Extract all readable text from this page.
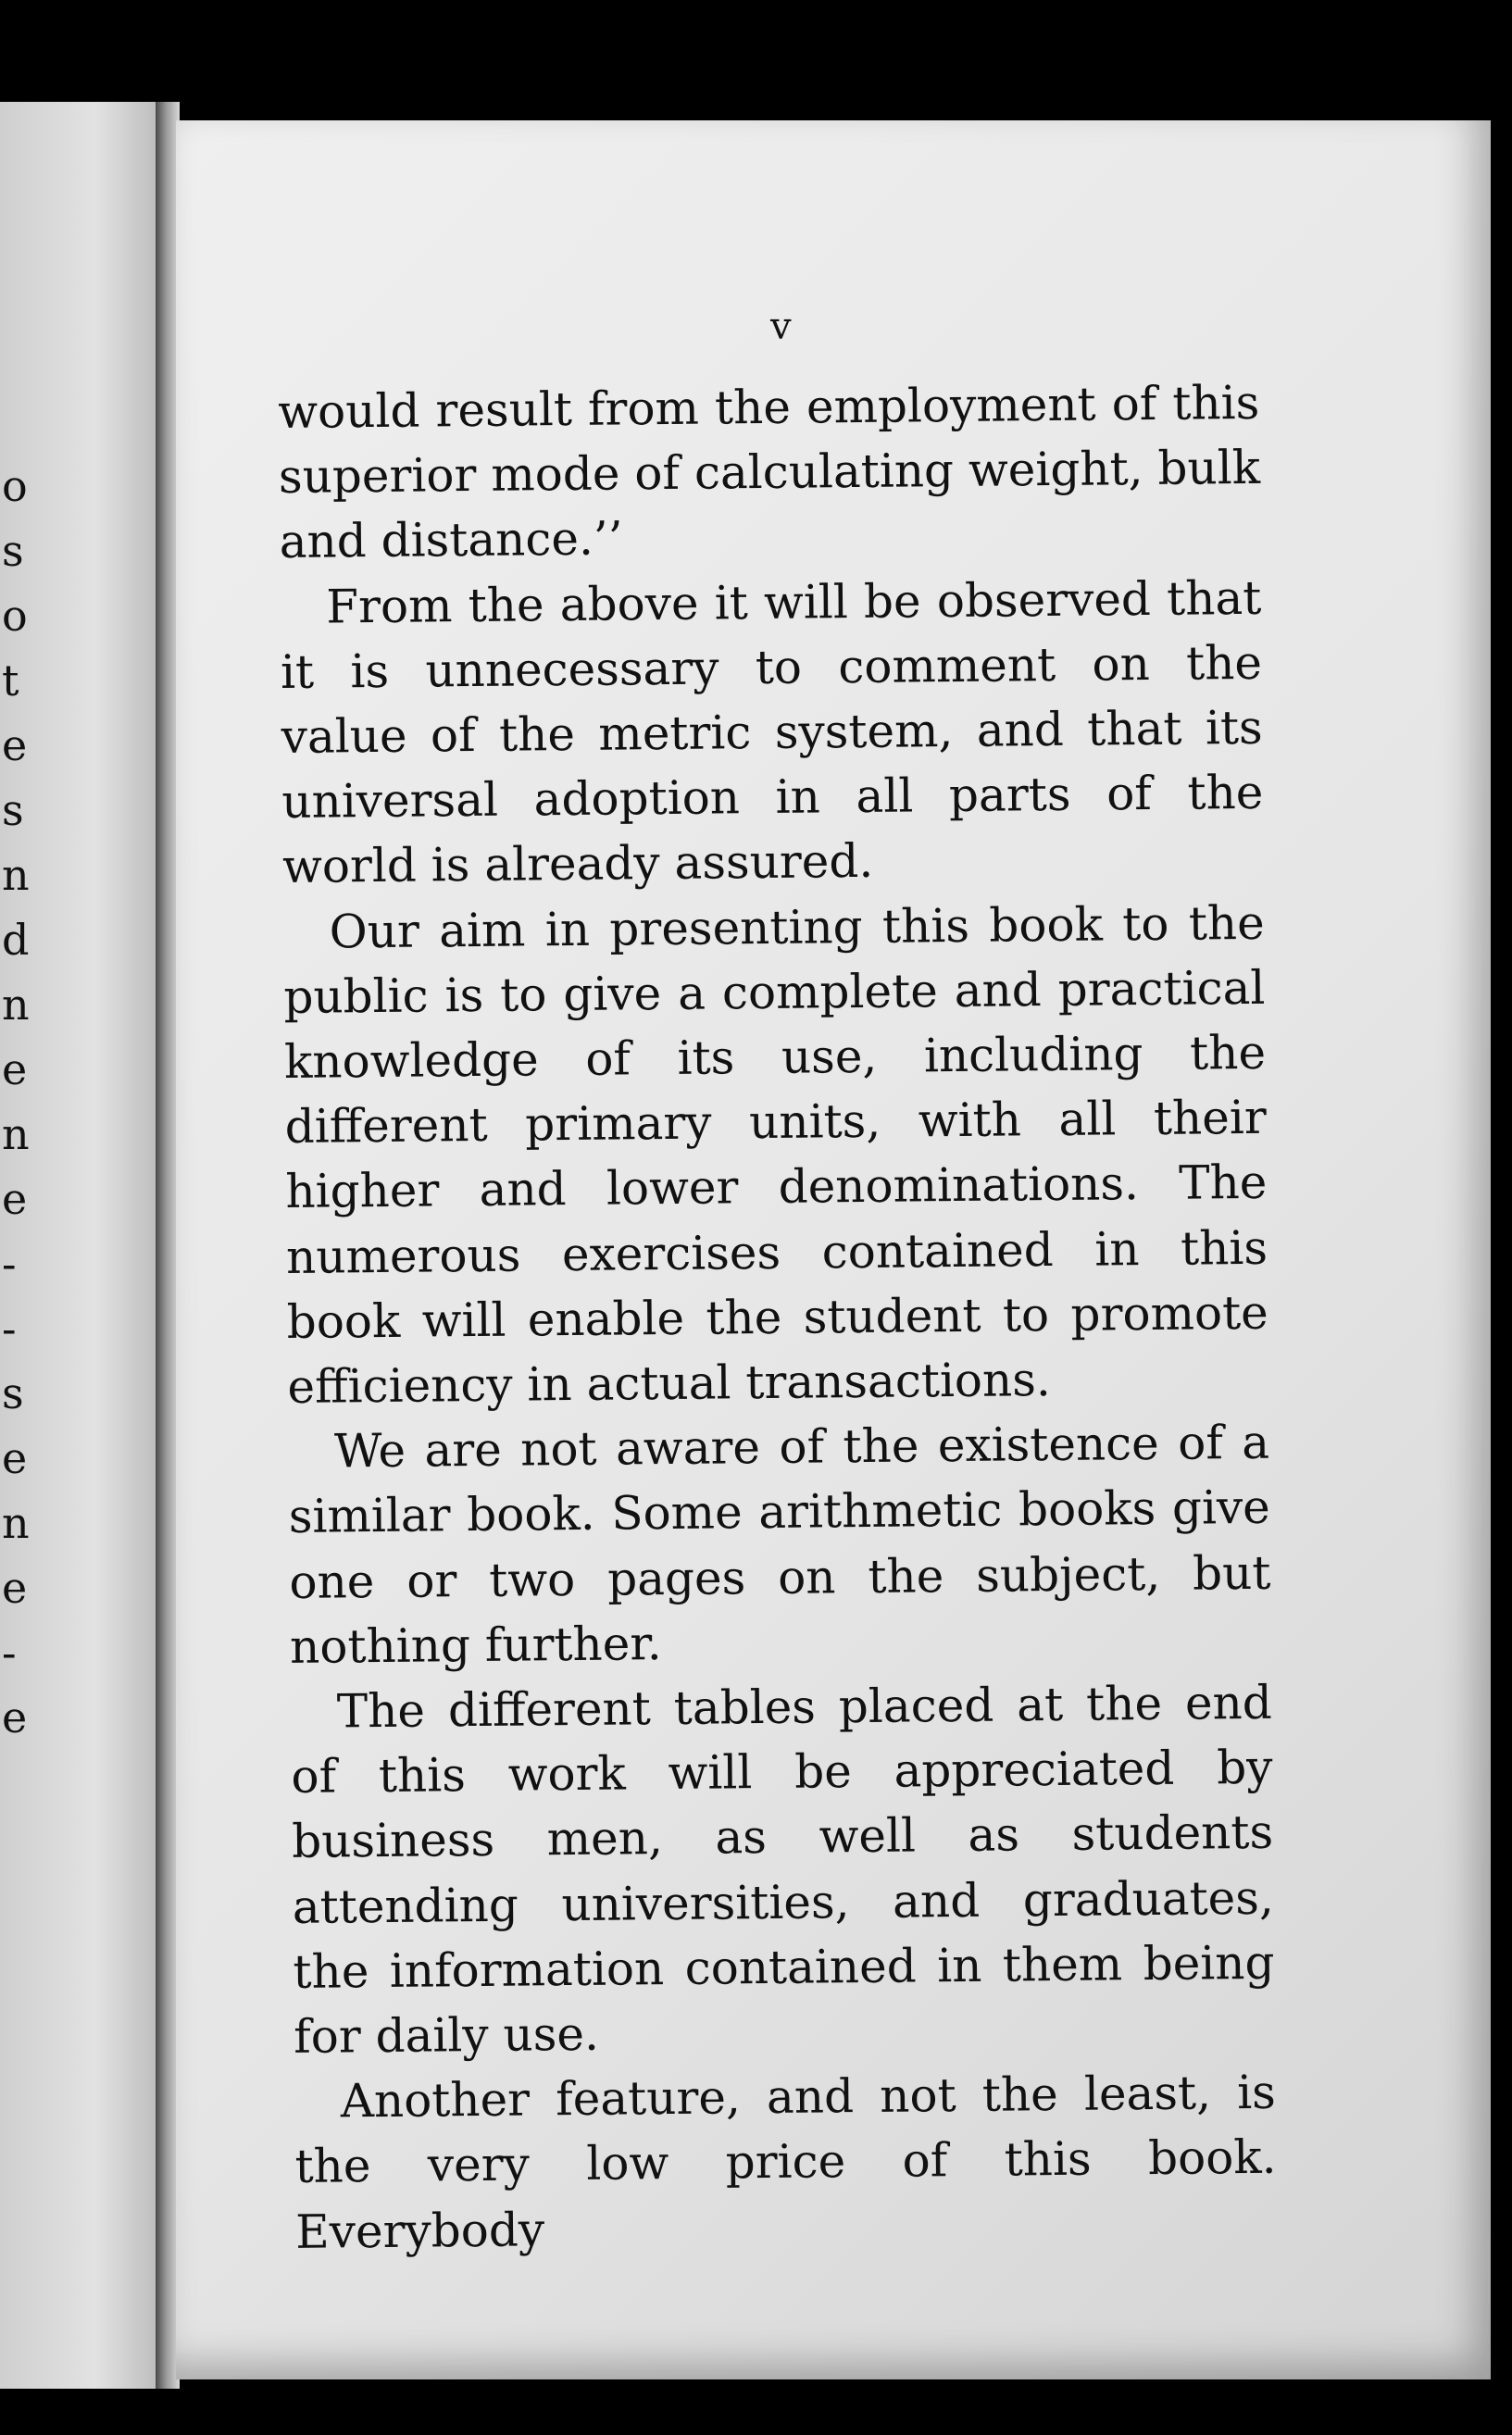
o
s
o
t
e
s
n
d
n
e
n
e
-
-
s
e
n
e
-
e
v

would result from the employment of this superior mode of calculating weight, bulk and distance.’’

From the above it will be observed that it is unnecessary to comment on the value of the metric system, and that its universal adoption in all parts of the world is already assured.

Our aim in presenting this book to the public is to give a complete and practical knowledge of its use, including the different primary units, with all their higher and lower denominations. The numerous exercises contained in this book will enable the student to promote efficiency in actual transactions.

We are not aware of the existence of a similar book. Some arithmetic books give one or two pages on the subject, but nothing further.

The different tables placed at the end of this work will be appreciated by business men, as well as students attending universities, and graduates, the information contained in them being for daily use.

Another feature, and not the least, is the very low price of this book. Everybody
